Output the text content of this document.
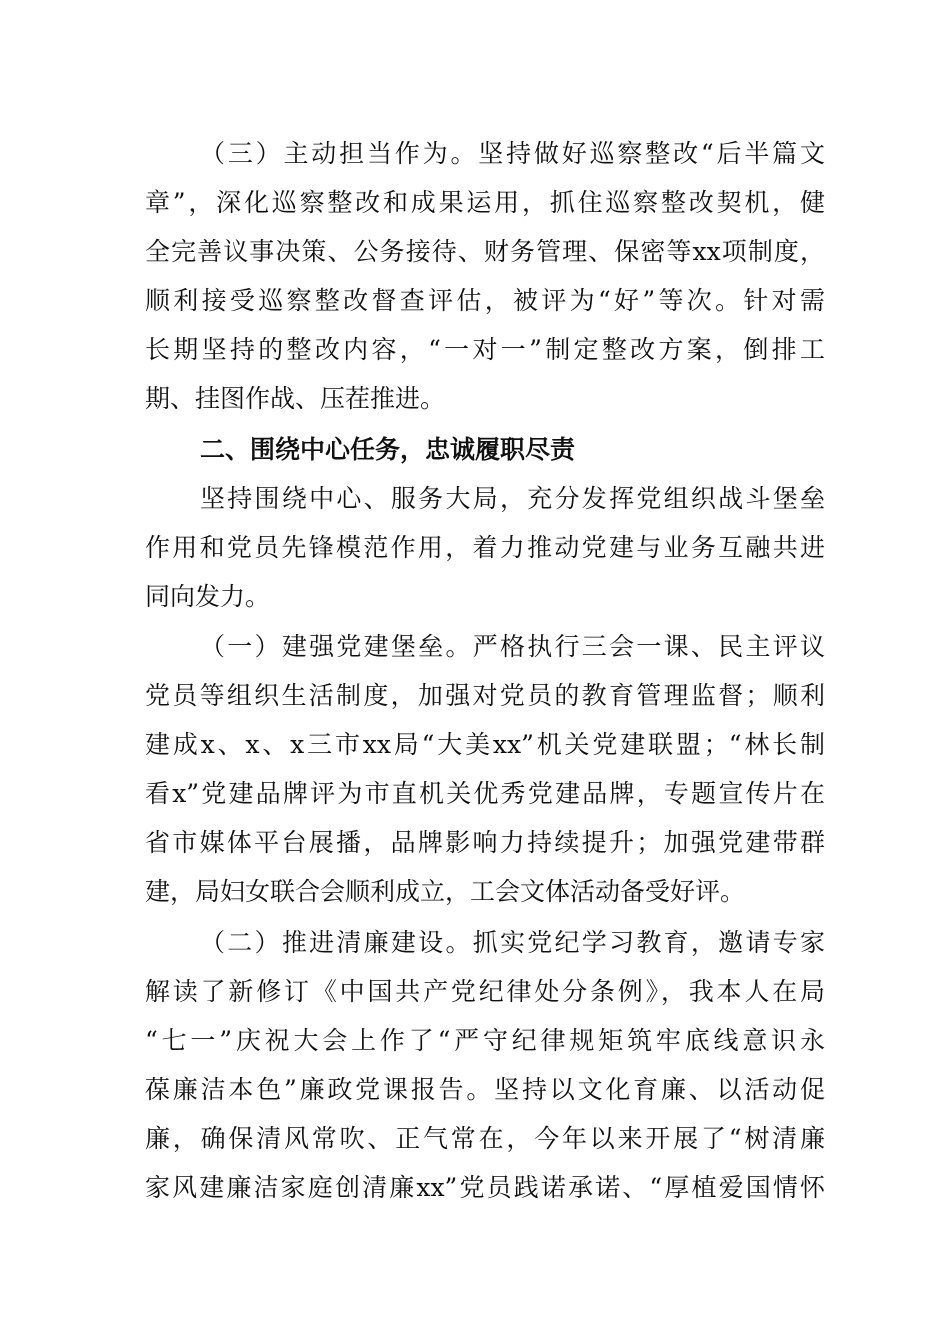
（三）主动担当作为。坚持做好巡察整改“后半篇文
章”，深化巡察整改和成果运用，抓住巡察整改契机，健
全完善议事决策、公务接待、财务管理、保密等xx项制度，
顺利接受巡察整改督查评估，被评为“好”等次。针对需
长期坚持的整改内容，“一对一”制定整改方案，倒排工
期、挂图作战、压茬推进。
二、围绕中心任务，忠诚履职尽责
坚持围绕中心、服务大局，充分发挥党组织战斗堡垒
作用和党员先锋模范作用，着力推动党建与业务互融共进
同向发力。
（一）建强党建堡垒。严格执行三会一课、民主评议
党员等组织生活制度，加强对党员的教育管理监督；顺利
建成x、x、x三市xx局“大美xx”机关党建联盟；“林长制
看x”党建品牌评为市直机关优秀党建品牌，专题宣传片在
省市媒体平台展播，品牌影响力持续提升；加强党建带群
建，局妇女联合会顺利成立，工会文体活动备受好评。
（二）推进清廉建设。抓实党纪学习教育，邀请专家
解读了新修订《中国共产党纪律处分条例》，我本人在局
“七一”庆祝大会上作了“严守纪律规矩筑牢底线意识永
葆廉洁本色”廉政党课报告。坚持以文化育廉、以活动促
廉，确保清风常吹、正气常在，今年以来开展了“树清廉
家风建廉洁家庭创清廉xx”党员践诺承诺、“厚植爱国情怀
